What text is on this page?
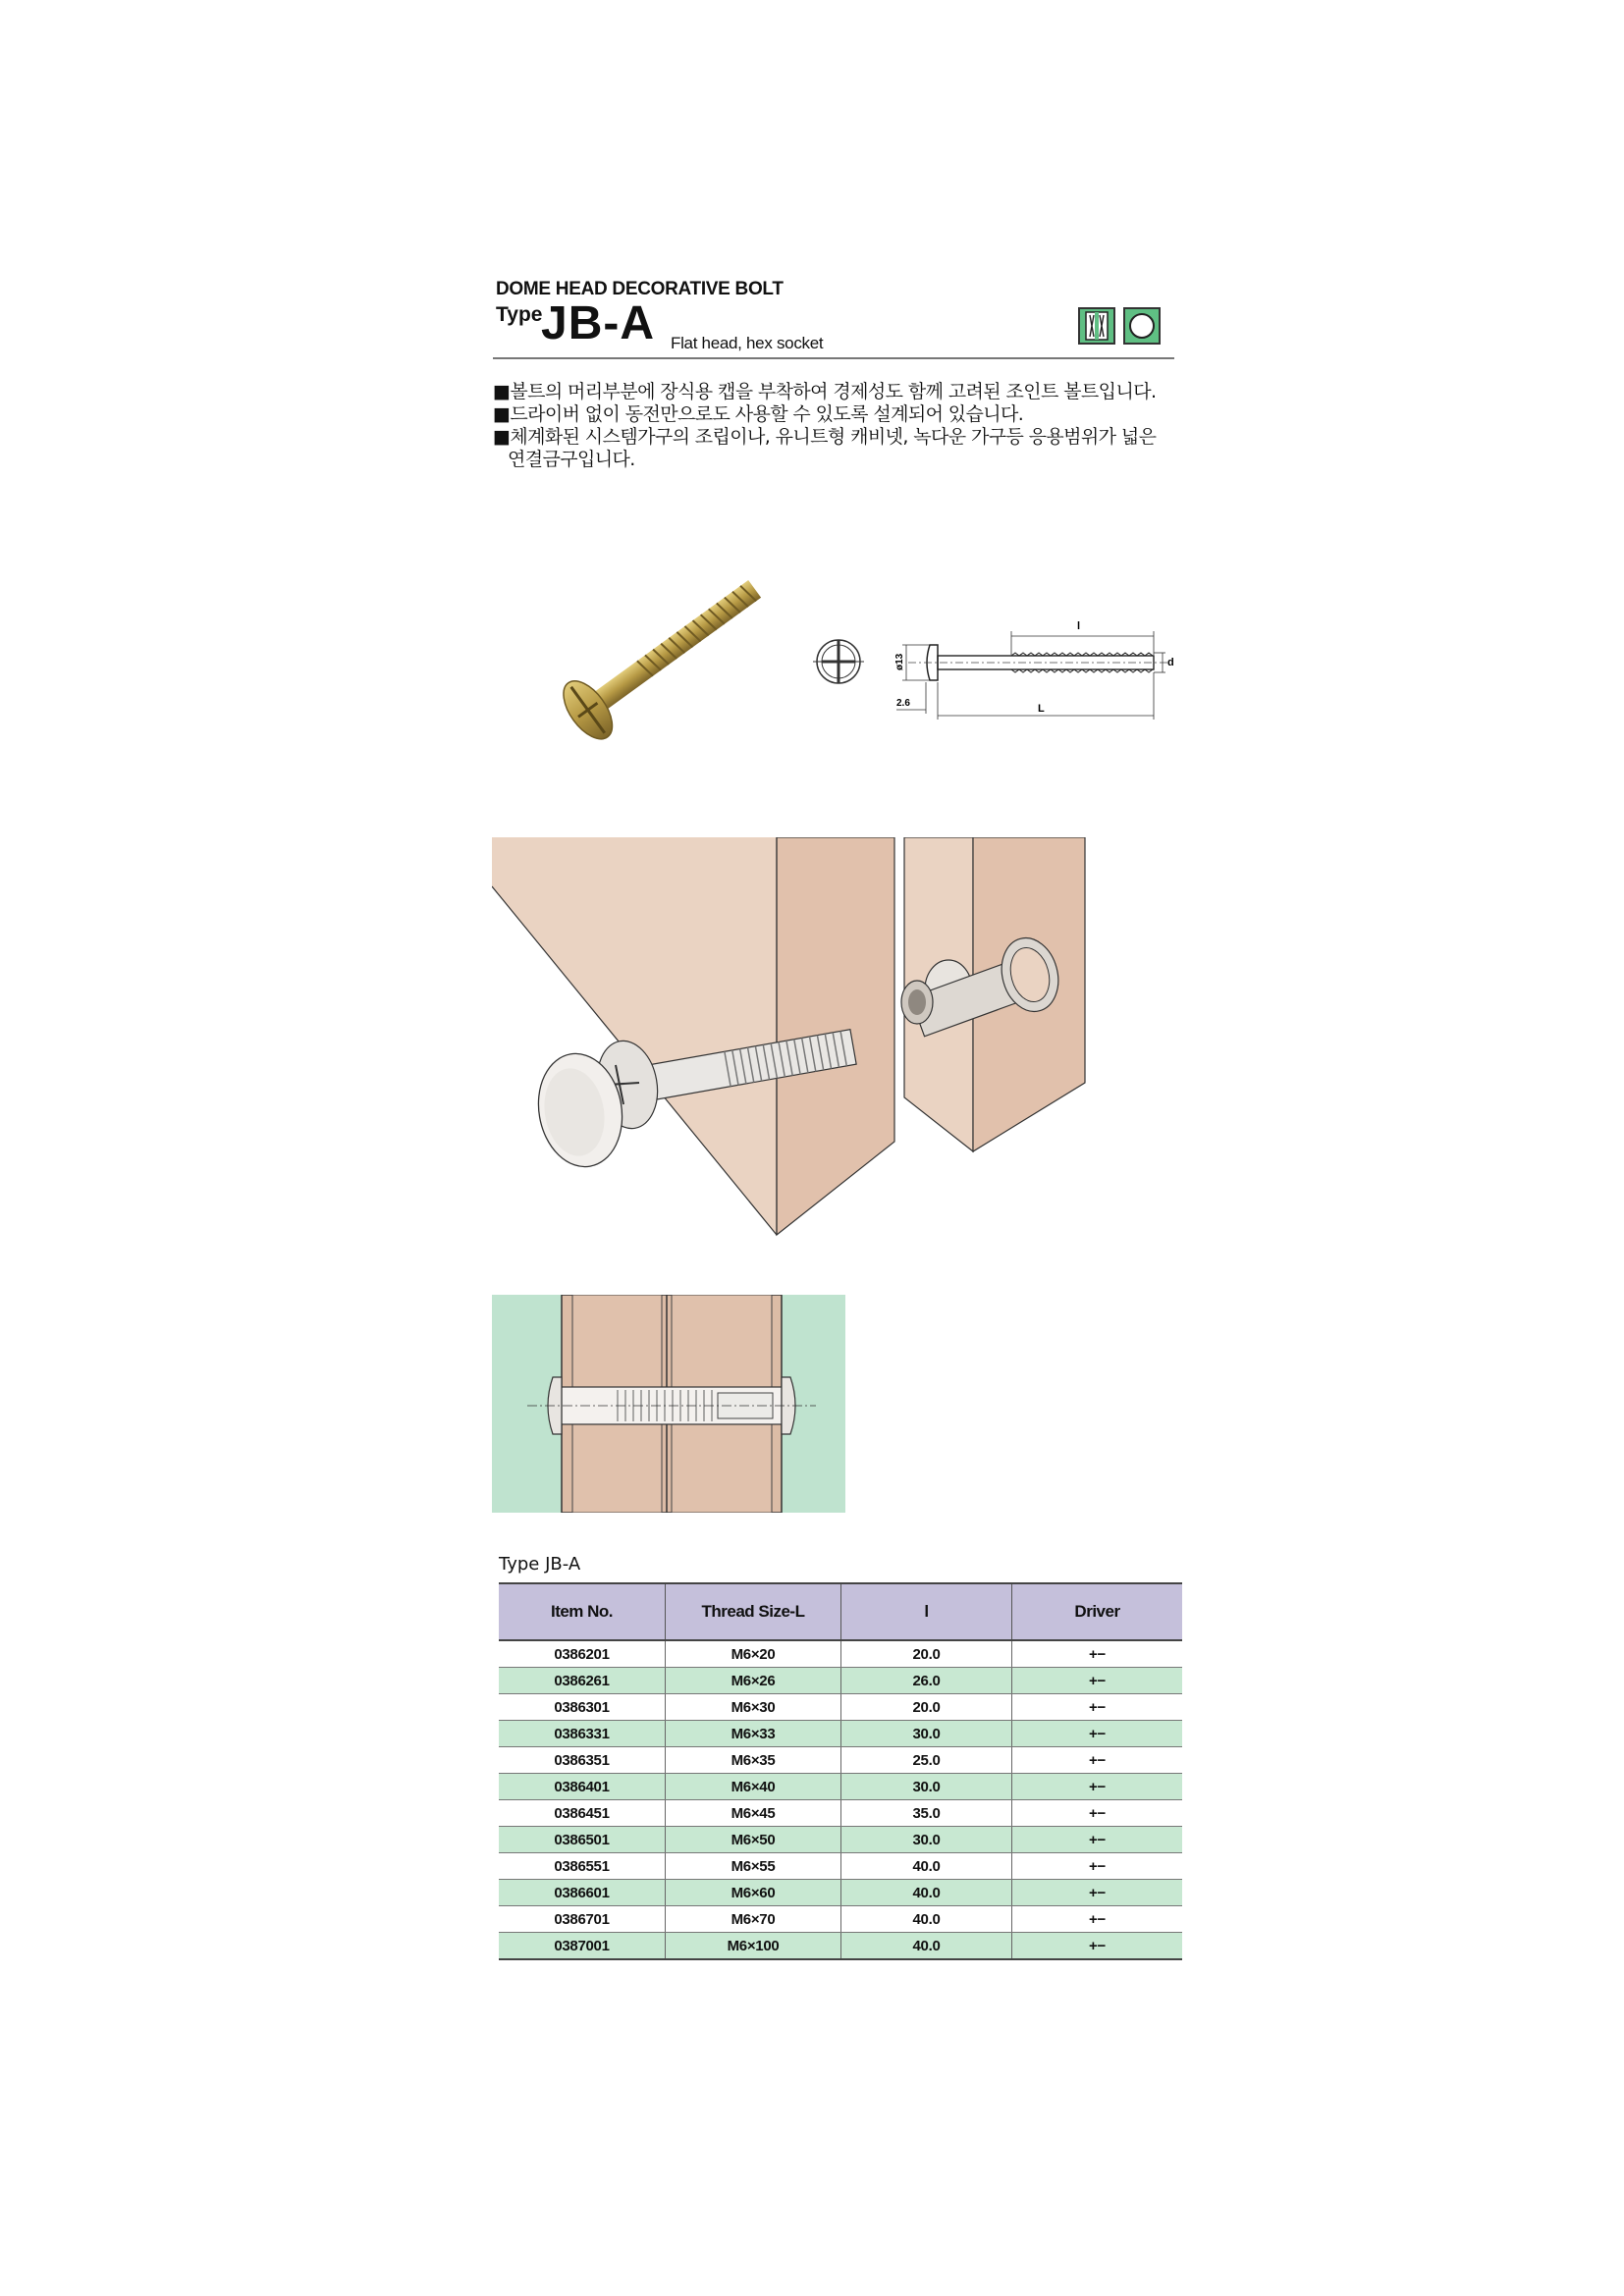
DOME HEAD DECORATIVE BOLT
Type
JB-A Flat head, hex socket
■볼트의 머리부분에 장식용 캡을 부착하여 경제성도 함께 고려된 조인트 볼트입니다.
■드라이버 없이 동전만으로도 사용할 수 있도록 설계되어 있습니다.
■체계화된 시스템가구의 조립이나, 유니트형 캐비넷, 녹다운 가구등 응용범위가 넓은
연결금구입니다.
l
d
ø13
2.6	L
Type JB-A
Item No.	Thread Size-L	l	Driver
0386201	M6×20	20.0	+−
0386261	M6×26	26.0	+−
0386301	M6×30	20.0	+−
0386331	M6×33	30.0	+−
0386351	M6×35	25.0	+−
0386401	M6×40	30.0	+−
0386451	M6×45	35.0	+−
0386501	M6×50	30.0	+−
0386551	M6×55	40.0	+−
0386601	M6×60	40.0	+−
0386701	M6×70	40.0	+−
0387001	M6×100	40.0	+−
